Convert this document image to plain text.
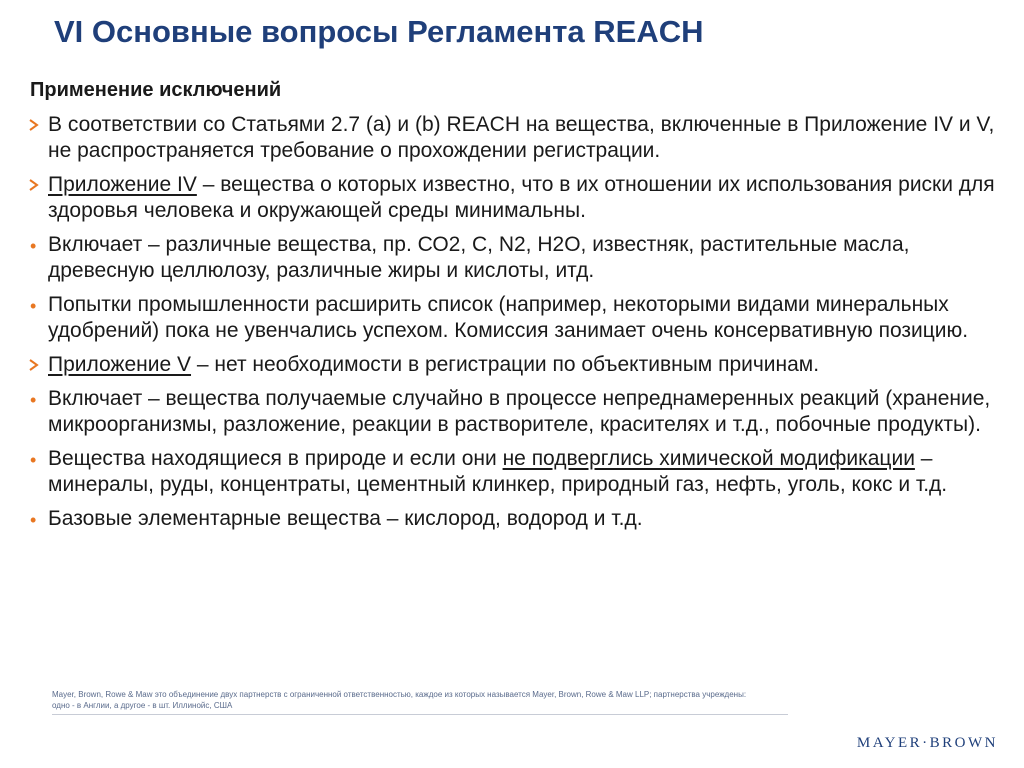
VI Основные вопросы Регламента REACH
Применение исключений
В соответствии со Статьями 2.7 (a) и (b) REACH на вещества, включенные в Приложение IV и V, не распространяется требование о прохождении регистрации.
Приложение IV – вещества о которых известно, что в их отношении их использования риски для здоровья человека и окружающей среды минимальны.
• Включает – различные вещества, пр. СО2, С, N2, H2O, известняк, растительные масла, древесную целлюлозу, различные жиры и кислоты, итд.
• Попытки промышленности расширить список (например, некоторыми видами минеральных удобрений) пока не увенчались успехом. Комиссия занимает очень консервативную позицию.
Приложение V – нет необходимости в регистрации по объективным причинам.
• Включает – вещества получаемые случайно в процессе непреднамеренных реакций (хранение, микроорганизмы, разложение, реакции в растворителе, красителях и т.д., побочные продукты).
• Вещества находящиеся в природе и если они не подверглись химической модификации – минералы, руды, концентраты, цементный клинкер, природный газ, нефть, уголь, кокс и т.д.
• Базовые элементарные вещества – кислород, водород и т.д.
Mayer, Brown, Rowe & Maw это объединение двух партнерств с ограниченной ответственностью, каждое из которых называется Mayer, Brown, Rowe & Maw LLP; партнерства учреждены:
одно - в Англии, а другое - в шт. Иллинойс, США
MAYER·BROWN
